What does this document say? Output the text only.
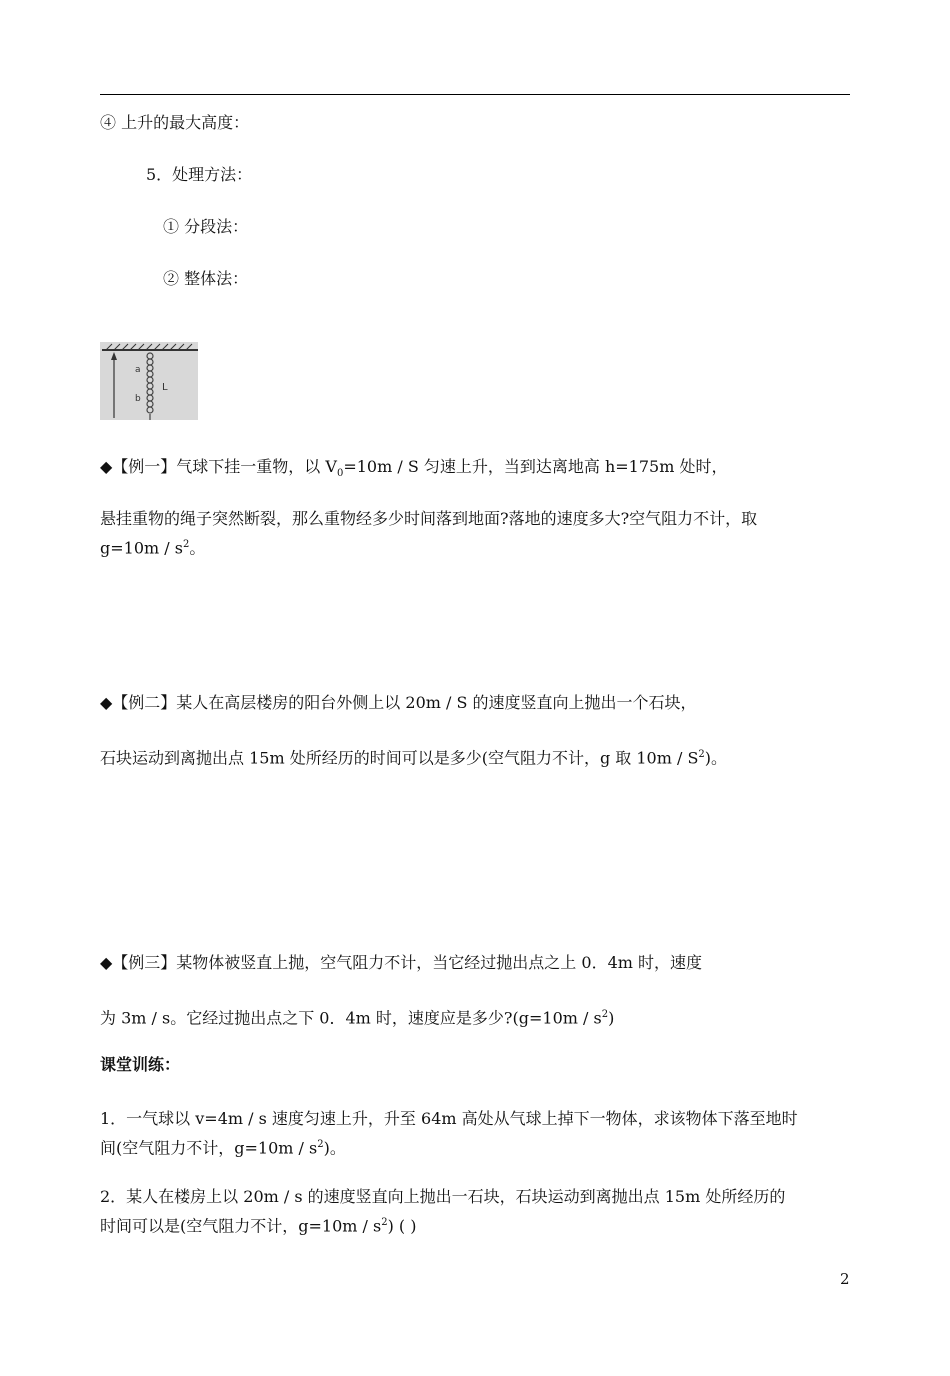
④ 上升的最大高度：
5．处理方法：
① 分段法：
② 整体法：
a
b
L
◆【例一】气球下挂一重物，以 $V_0=10m / S$ 匀速上升，当到达离地高 h=175m 处时，
悬挂重物的绳子突然断裂，那么重物经多少时间落到地面?落地的速度多大?空气阻力不计，取
$g=10m / s^2$。
◆【例二】某人在高层楼房的阳台外侧上以 20m / S 的速度竖直向上抛出一个石块，
石块运动到离抛出点 15m 处所经历的时间可以是多少(空气阻力不计，g 取 $10m / S^2$)。
◆【例三】某物体被竖直上抛，空气阻力不计，当它经过抛出点之上 0．4m 时，速度
为 3m / s。它经过抛出点之下 0．4m 时，速度应是多少?(g=10m / $s^2$)
课堂训练：
1．一气球以 v=4m / s 速度匀速上升，升至 64m 高处从气球上掉下一物体，求该物体下落至地时
间(空气阻力不计，$g=10m / s^2$)。
2．某人在楼房上以 20m / s 的速度竖直向上抛出一石块，石块运动到离抛出点 15m 处所经历的
时间可以是(空气阻力不计，$g=10m / s^2$) ( )
2
